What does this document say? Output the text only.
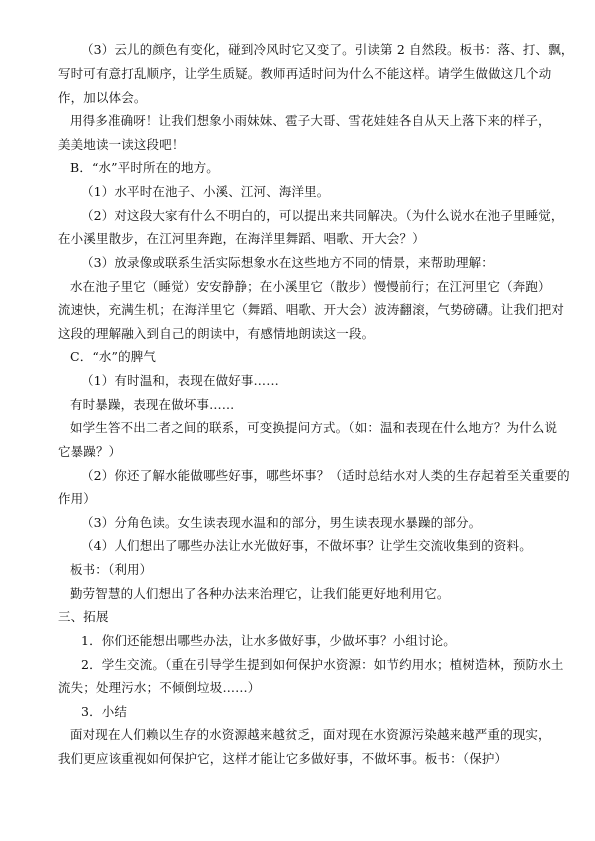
（3）云儿的颜色有变化，碰到冷风时它又变了。引读第 2 自然段。板书：落、打、飘，
写时可有意打乱顺序，让学生质疑。教师再适时问为什么不能这样。请学生做做这几个动
作，加以体会。
用得多准确呀！让我们想象小雨妹妹、雹子大哥、雪花娃娃各自从天上落下来的样子，
美美地读一读这段吧！
B．“水”平时所在的地方。
（1）水平时在池子、小溪、江河、海洋里。
（2）对这段大家有什么不明白的，可以提出来共同解决。（为什么说水在池子里睡觉，
在小溪里散步，在江河里奔跑，在海洋里舞蹈、唱歌、开大会？）
（3）放录像或联系生活实际想象水在这些地方不同的情景，来帮助理解：
水在池子里它（睡觉）安安静静；在小溪里它（散步）慢慢前行；在江河里它（奔跑）
流速快，充满生机；在海洋里它（舞蹈、唱歌、开大会）波涛翻滚，气势磅礴。让我们把对
这段的理解融入到自己的朗读中，有感情地朗读这一段。
C．“水”的脾气
（1）有时温和，表现在做好事……
有时暴躁，表现在做坏事……
如学生答不出二者之间的联系，可变换提问方式。（如：温和表现在什么地方？为什么说
它暴躁？）
（2）你还了解水能做哪些好事，哪些坏事？（适时总结水对人类的生存起着至关重要的
作用）
（3）分角色读。女生读表现水温和的部分，男生读表现水暴躁的部分。
（4）人们想出了哪些办法让水光做好事，不做坏事？让学生交流收集到的资料。
板书：（利用）
勤劳智慧的人们想出了各种办法来治理它，让我们能更好地利用它。
三、拓展
1．你们还能想出哪些办法，让水多做好事，少做坏事？小组讨论。
2．学生交流。（重在引导学生提到如何保护水资源：如节约用水；植树造林，预防水土
流失；处理污水；不倾倒垃圾……）
3．小结
面对现在人们赖以生存的水资源越来越贫乏，面对现在水资源污染越来越严重的现实，
我们更应该重视如何保护它，这样才能让它多做好事，不做坏事。板书：（保护）
